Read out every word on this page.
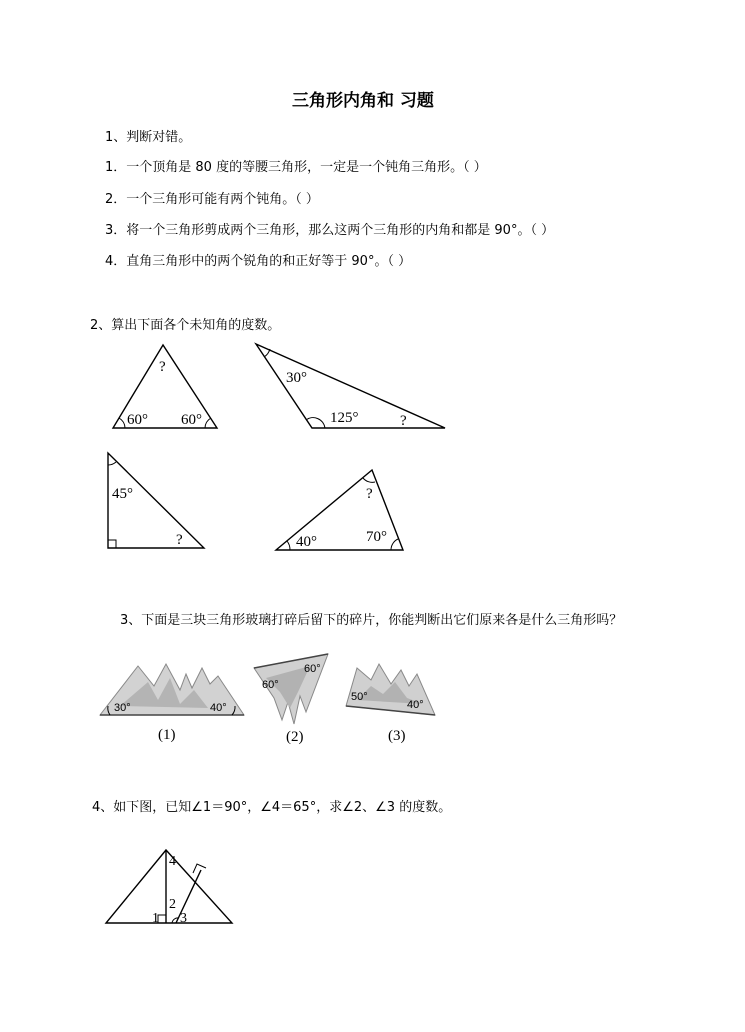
三角形内角和 习题
1、判断对错。
1．一个顶角是 80 度的等腰三角形，一定是一个钝角三角形。（ ）
2．一个三角形可能有两个钝角。（ ）
3．将一个三角形剪成两个三角形，那么这两个三角形的内角和都是 90°。（ ）
4．直角三角形中的两个锐角的和正好等于 90°。（ ）
2、算出下面各个未知角的度数。
?
60° 60°
30°
125°	?
45°
?
?
40°	70°
3、下面是三块三角形玻璃打碎后留下的碎片，你能判断出它们原来各是什么三角形吗？
30°	40°
(1)
60°
60°
(2)
50°
40°
(3)
4、如下图，已知∠1＝90°，∠4＝65°，求∠2、∠3 的度数。
4
2
1 3
